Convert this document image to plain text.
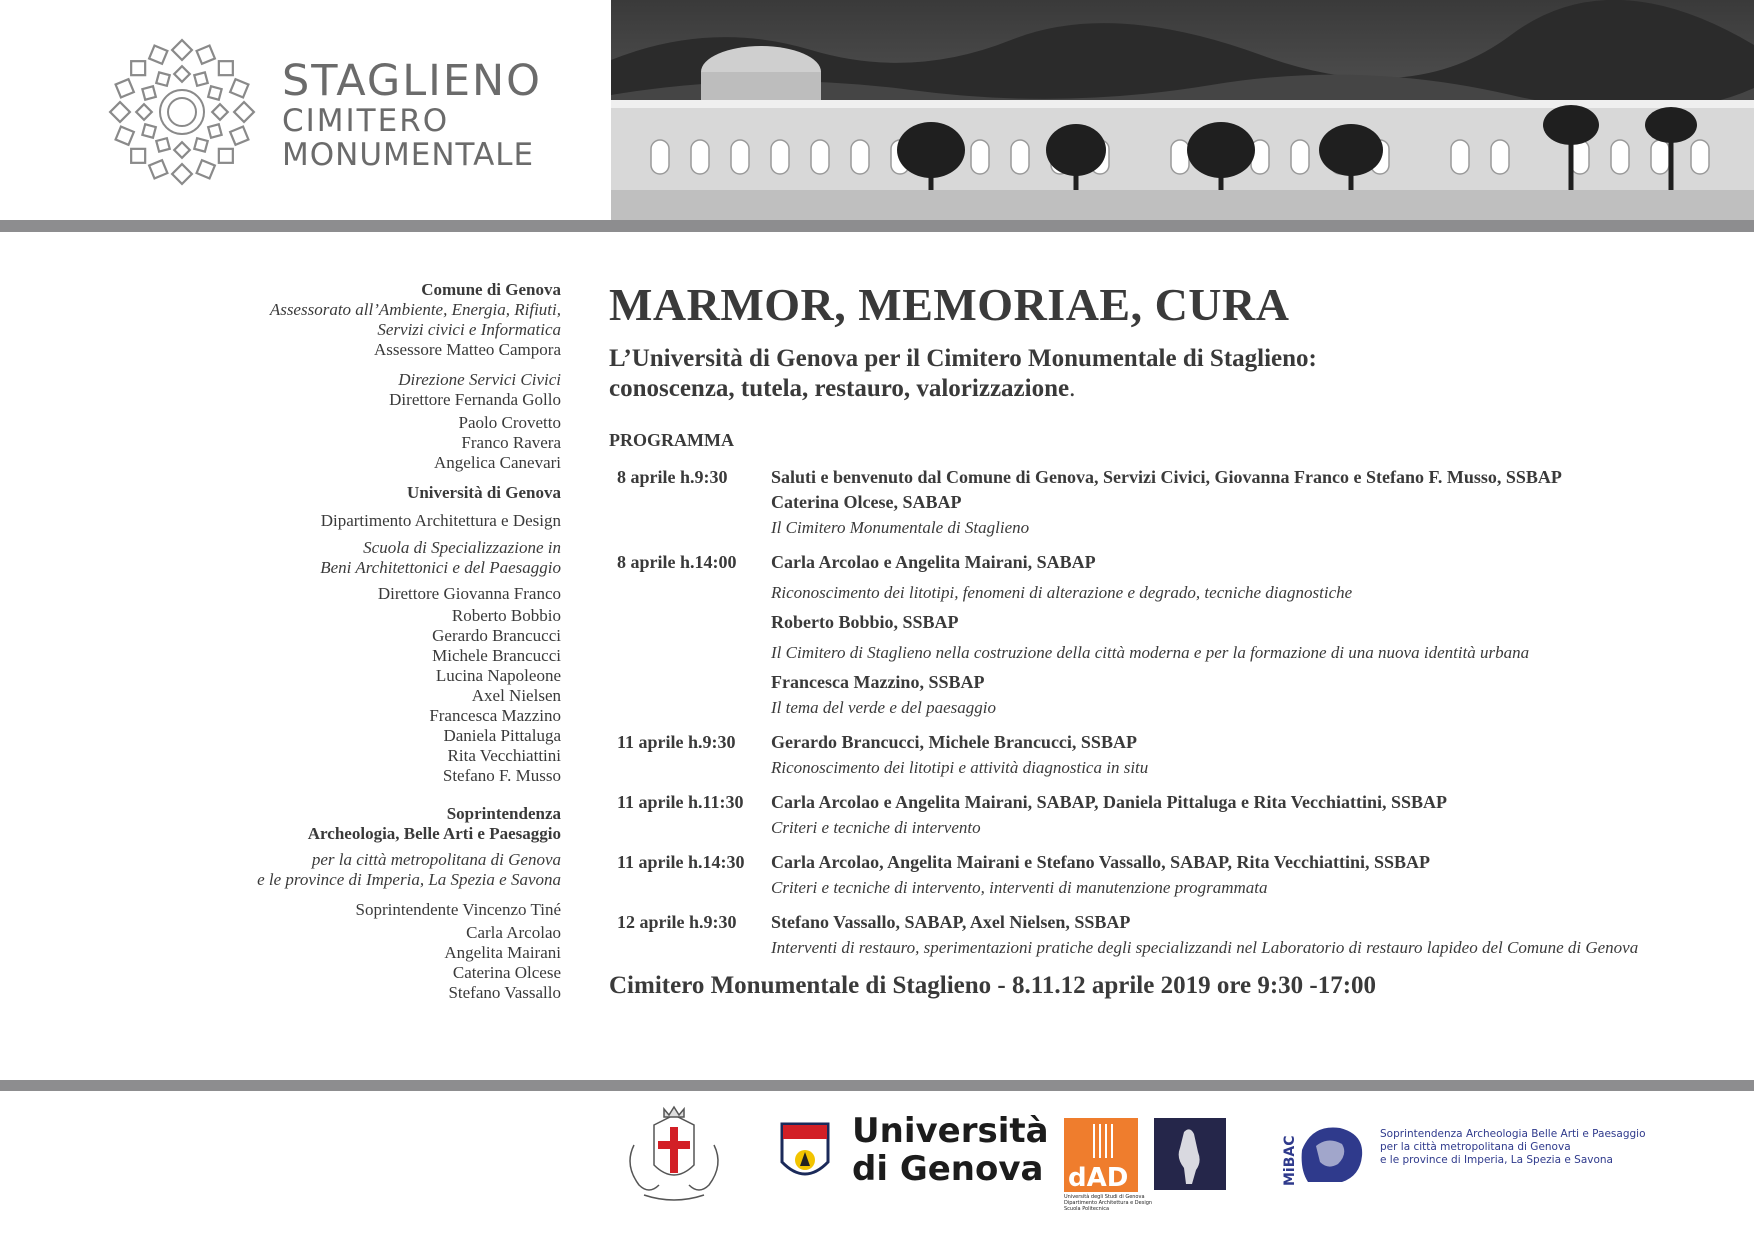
STAGLIENO
CIMITERO
MONUMENTALE
Comune di Genova
Assessorato all’Ambiente, Energia, Rifiuti,
Servizi civici e Informatica
Assessore Matteo Campora
Direzione Servici Civici
Direttore Fernanda Gollo
Paolo Crovetto
Franco Ravera
Angelica Canevari
Università di Genova
Dipartimento Architettura e Design
Scuola di Specializzazione in
Beni Architettonici e del Paesaggio
Direttore Giovanna Franco
Roberto Bobbio
Gerardo Brancucci
Michele Brancucci
Lucina Napoleone
Axel Nielsen
Francesca Mazzino
Daniela Pittaluga
Rita Vecchiattini
Stefano F. Musso
Soprintendenza
Archeologia, Belle Arti e Paesaggio
per la città metropolitana di Genova
e le province di Imperia, La Spezia e Savona
Soprintendente Vincenzo Tiné
Carla Arcolao
Angelita Mairani
Caterina Olcese
Stefano Vassallo
MARMOR, MEMORIAE, CURA
L’Università di Genova per il Cimitero Monumentale di Staglieno:
conoscenza, tutela, restauro, valorizzazione.
PROGRAMMA
8 aprile h.9:30	Saluti e benvenuto dal Comune di Genova, Servizi Civici, Giovanna Franco e Stefano F. Musso, SSBAP
Caterina Olcese, SABAP
Il Cimitero Monumentale di Staglieno
8 aprile h.14:00	Carla Arcolao e Angelita Mairani, SABAP
Riconoscimento dei litotipi, fenomeni di alterazione e degrado, tecniche diagnostiche
Roberto Bobbio, SSBAP
Il Cimitero di Staglieno nella costruzione della città moderna e per la formazione di una nuova identità urbana
Francesca Mazzino, SSBAP
Il tema del verde e del paesaggio
11 aprile h.9:30	Gerardo Brancucci, Michele Brancucci, SSBAP
Riconoscimento dei litotipi e attività diagnostica in situ
11 aprile h.11:30	Carla Arcolao e Angelita Mairani, SABAP, Daniela Pittaluga e Rita Vecchiattini, SSBAP
Criteri e tecniche di intervento
11 aprile h.14:30	Carla Arcolao, Angelita Mairani e Stefano Vassallo, SABAP, Rita Vecchiattini, SSBAP
Criteri e tecniche di intervento, interventi di manutenzione programmata
12 aprile h.9:30	Stefano Vassallo, SABAP, Axel Nielsen, SSBAP
Interventi di restauro, sperimentazioni pratiche degli specializzandi nel Laboratorio di restauro lapideo del Comune di Genova
Cimitero Monumentale di Staglieno - 8.11.12 aprile 2019 ore 9:30 -17:00
Università
di Genova dAD
Università degli Studi di Genova
Dipartimento Architettura e Design
Scuola Politecnica
MiBAC
Soprintendenza Archeologia Belle Arti e Paesaggio
per la città metropolitana di Genova
e le province di Imperia, La Spezia e Savona
